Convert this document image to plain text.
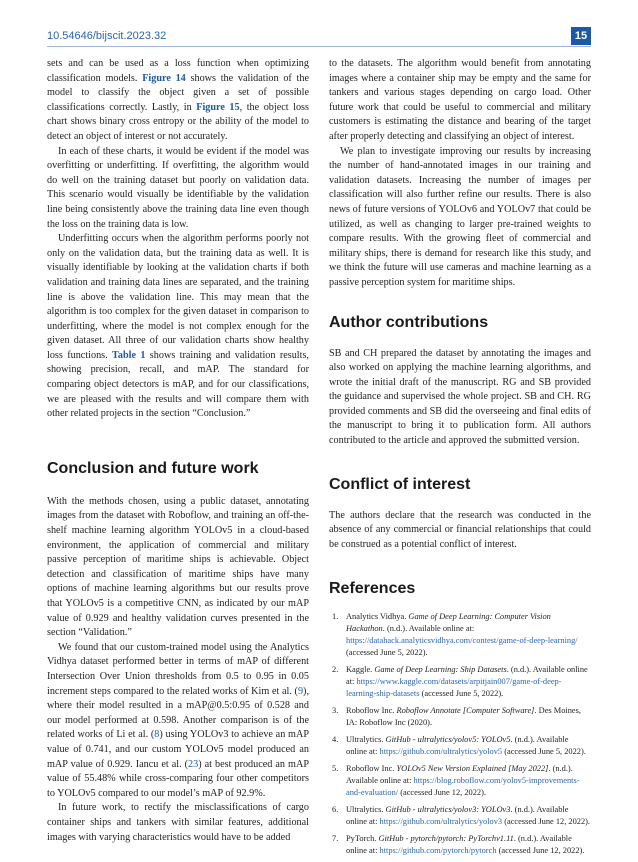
10.54646/bijscit.2023.32	15

sets and can be used as a loss function when optimizing classification models. Figure 14 shows the validation of the model to classify the object given a set of possible classifications correctly. Lastly, in Figure 15, the object loss chart shows binary cross entropy or the ability of the model to detect an object of interest or not accurately.

In each of these charts, it would be evident if the model was overfitting or underfitting. If overfitting, the algorithm would do well on the training dataset but poorly on validation data. This scenario would visually be identifiable by the validation line being consistently above the training data line even though the loss on the training data is low.

Underfitting occurs when the algorithm performs poorly not only on the validation data, but the training data as well. It is visually identifiable by looking at the validation charts if both validation and training data lines are separated, and the training line is above the validation line. This may mean that the algorithm is too complex for the given dataset in comparison to underfitting, where the model is not complex enough for the given dataset. All three of our validation charts show healthy loss functions. Table 1 shows training and validation results, showing precision, recall, and mAP. The standard for comparing object detectors is mAP, and for our classifications, we are pleased with the results and will compare them with other related projects in the section “Conclusion.”

Conclusion and future work

With the methods chosen, using a public dataset, annotating images from the dataset with Roboflow, and training an off-the-shelf machine learning algorithm YOLOv5 in a cloud-based environment, the application of commercial and military passive perception of maritime ships is achievable. Object detection and classification of maritime ships have many options of machine learning algorithms but our results prove that YOLOv5 is a competitive CNN, as indicated by our mAP value of 0.929 and healthy validation curves presented in the section “Validation.”

We found that our custom-trained model using the Analytics Vidhya dataset performed better in terms of mAP of different Intersection Over Union thresholds from 0.5 to 0.95 in 0.05 increment steps compared to the related works of Kim et al. (9), where their model resulted in a mAP@0.5:0.95 of 0.528 and our model performed at 0.598. Another comparison is of the related works of Li et al. (8) using YOLOv3 to achieve an mAP value of 0.741, and our custom YOLOv5 model produced an mAP value of 0.929. Iancu et al. (23) at best produced an mAP value of 55.48% while cross-comparing four other competitors to YOLOv5 compared to our model’s mAP of 92.9%.

In future work, to rectify the misclassifications of cargo container ships and tankers with similar features, additional images with varying characteristics would have to be added

to the datasets. The algorithm would benefit from annotating images where a container ship may be empty and the same for tankers and various stages depending on cargo load. Other future work that could be useful to commercial and military customers is estimating the distance and bearing of the target after properly detecting and classifying an object of interest.

We plan to investigate improving our results by increasing the number of hand-annotated images in our training and validation datasets. Increasing the number of images per classification will also further refine our results. There is also news of future versions of YOLOv6 and YOLOv7 that could be utilized, as well as changing to larger pre-trained weights to compare results. With the growing fleet of commercial and military ships, there is demand for research like this study, and we think the future will use cameras and machine learning as a passive perception system for maritime ships.

Author contributions

SB and CH prepared the dataset by annotating the images and also worked on applying the machine learning algorithms, and wrote the initial draft of the manuscript. RG and SB provided the guidance and supervised the whole project. SB and CH. RG provided comments and SB did the overseeing and final edits of the manuscript to bring it to publication form. All authors contributed to the article and approved the submitted version.

Conflict of interest

The authors declare that the research was conducted in the absence of any commercial or financial relationships that could be construed as a potential conflict of interest.

References
1. Analytics Vidhya. Game of Deep Learning: Computer Vision Hackathon. (n.d.). Available online at: https://datahack.analyticsvidhya.com/contest/game-of-deep-learning/ (accessed June 5, 2022).
2. Kaggle. Game of Deep Learning: Ship Datasets. (n.d.). Available online at: https://www.kaggle.com/datasets/arpitjain007/game-of-deep-learning-ship-datasets (accessed June 5, 2022).
3. Roboflow Inc. Roboflow Annotate [Computer Software]. Des Moines, IA: Roboflow Inc (2020).
4. Ultralytics. GitHub - ultralytics/yolov5: YOLOv5. (n.d.). Available online at: https://github.com/ultralytics/yolov5 (accessed June 5, 2022).
5. Roboflow Inc. YOLOv5 New Version Explained [May 2022]. (n.d.). Available online at: https://blog.roboflow.com/yolov5-improvements-and-evaluation/ (accessed June 12, 2022).
6. Ultralytics. GitHub - ultralytics/yolov3: YOLOv3. (n.d.). Available online at: https://github.com/ultralytics/yolov3 (accessed June 12, 2022).
7. PyTorch. GitHub - pytorch/pytorch: PyTorchv1.11. (n.d.). Available online at: https://github.com/pytorch/pytorch (accessed June 12, 2022).
